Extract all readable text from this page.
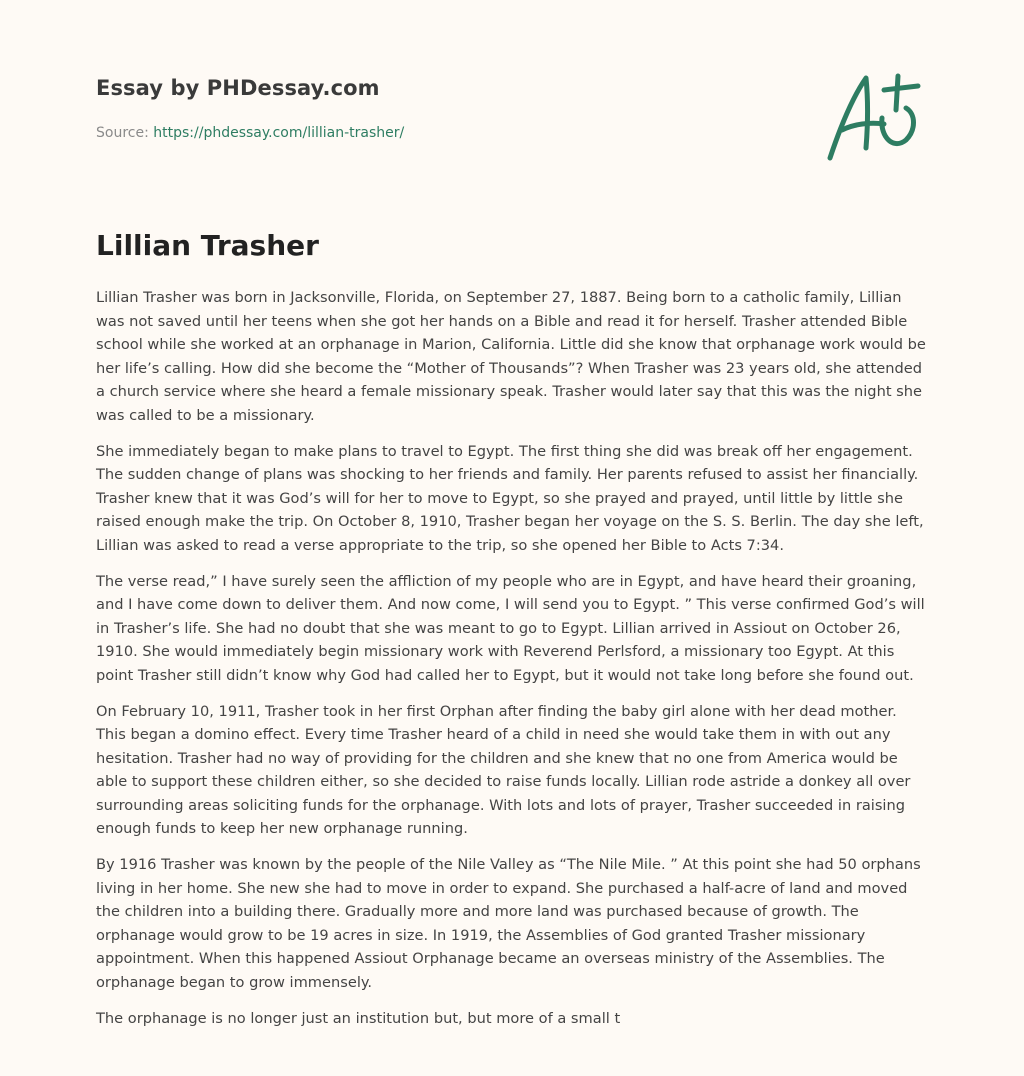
Essay by PHDessay.com
Source: https://phdessay.com/lillian-trasher/
Lillian Trasher

Lillian Trasher was born in Jacksonville, Florida, on September 27, 1887. Being born to a catholic family, Lillian was not saved until her teens when she got her hands on a Bible and read it for herself. Trasher attended Bible school while she worked at an orphanage in Marion, California. Little did she know that orphanage work would be her life’s calling. How did she become the “Mother of Thousands”? When Trasher was 23 years old, she attended a church service where she heard a female missionary speak. Trasher would later say that this was the night she was called to be a missionary.

She immediately began to make plans to travel to Egypt. The first thing she did was break off her engagement. The sudden change of plans was shocking to her friends and family. Her parents refused to assist her financially. Trasher knew that it was God’s will for her to move to Egypt, so she prayed and prayed, until little by little she raised enough make the trip. On October 8, 1910, Trasher began her voyage on the S. S. Berlin. The day she left, Lillian was asked to read a verse appropriate to the trip, so she opened her Bible to Acts 7:34.

The verse read,” I have surely seen the affliction of my people who are in Egypt, and have heard their groaning, and I have come down to deliver them. And now come, I will send you to Egypt. ” This verse confirmed God’s will in Trasher’s life. She had no doubt that she was meant to go to Egypt. Lillian arrived in Assiout on October 26, 1910. She would immediately begin missionary work with Reverend Perlsford, a missionary too Egypt. At this point Trasher still didn’t know why God had called her to Egypt, but it would not take long before she found out.

On February 10, 1911, Trasher took in her first Orphan after finding the baby girl alone with her dead mother. This began a domino effect. Every time Trasher heard of a child in need she would take them in with out any hesitation. Trasher had no way of providing for the children and she knew that no one from America would be able to support these children either, so she decided to raise funds locally. Lillian rode astride a donkey all over surrounding areas soliciting funds for the orphanage. With lots and lots of prayer, Trasher succeeded in raising enough funds to keep her new orphanage running.

By 1916 Trasher was known by the people of the Nile Valley as “The Nile Mile. ” At this point she had 50 orphans living in her home. She new she had to move in order to expand. She purchased a half-acre of land and moved the children into a building there. Gradually more and more land was purchased because of growth. The orphanage would grow to be 19 acres in size. In 1919, the Assemblies of God granted Trasher missionary appointment. When this happened Assiout Orphanage became an overseas ministry of the Assemblies. The orphanage began to grow immensely.

The orphanage is no longer just an institution but, but more of a small t
